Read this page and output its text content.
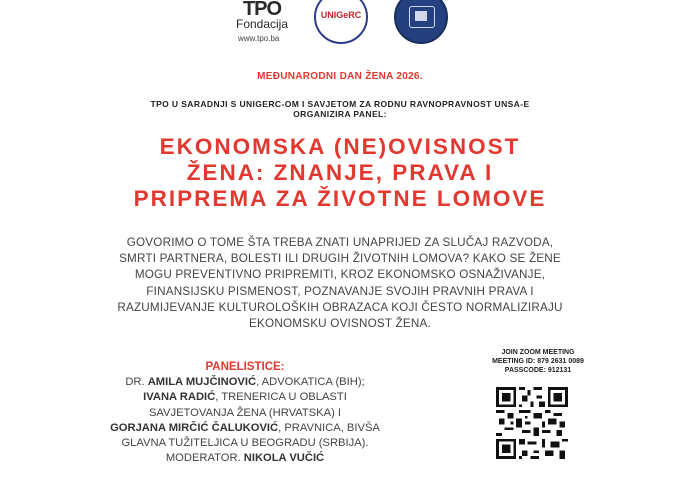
TPO
Fondacija
www.tpo.ba
UNIGeRC
MEĐUNARODNI DAN ŽENA 2026.
TPO U SARADNJI S UNIGERC-OM I SAVJETOM ZA RODNU RAVNOPRAVNOST UNSA-E
ORGANIZIRA PANEL:
EKONOMSKA (NE)OVISNOST
ŽENA: ZNANJE, PRAVA I
PRIPREMA ZA ŽIVOTNE LOMOVE
GOVORIMO O TOME ŠTA TREBA ZNATI UNAPRIJED ZA SLUČAJ RAZVODA,
SMRTI PARTNERA, BOLESTI ILI DRUGIH ŽIVOTNIH LOMOVA? KAKO SE ŽENE
MOGU PREVENTIVNO PRIPREMITI, KROZ EKONOMSKO OSNAŽIVANJE,
FINANSIJSKU PISMENOST, POZNAVANJE SVOJIH PRAVNIH PRAVA I
RAZUMIJEVANJE KULTUROLOŠKIH OBRAZACA KOJI ČESTO NORMALIZIRAJU
EKONOMSKU OVISNOST ŽENA.
PANELISTICE:
DR. AMILA MUJČINOVIĆ, ADVOKATICA (BIH);
IVANA RADIĆ, TRENERICA U OBLASTI
SAVJETOVANJA ŽENA (HRVATSKA) I
GORJANA MIRČIĆ ČALUKOVIĆ, PRAVNICA, BIVŠA
GLAVNA TUŽITELJICA U BEOGRADU (SRBIJA).
MODERATOR. NIKOLA VUČIĆ
JOIN ZOOM MEETING
MEETING ID: 879 2631 0089
PASSCODE: 912131
